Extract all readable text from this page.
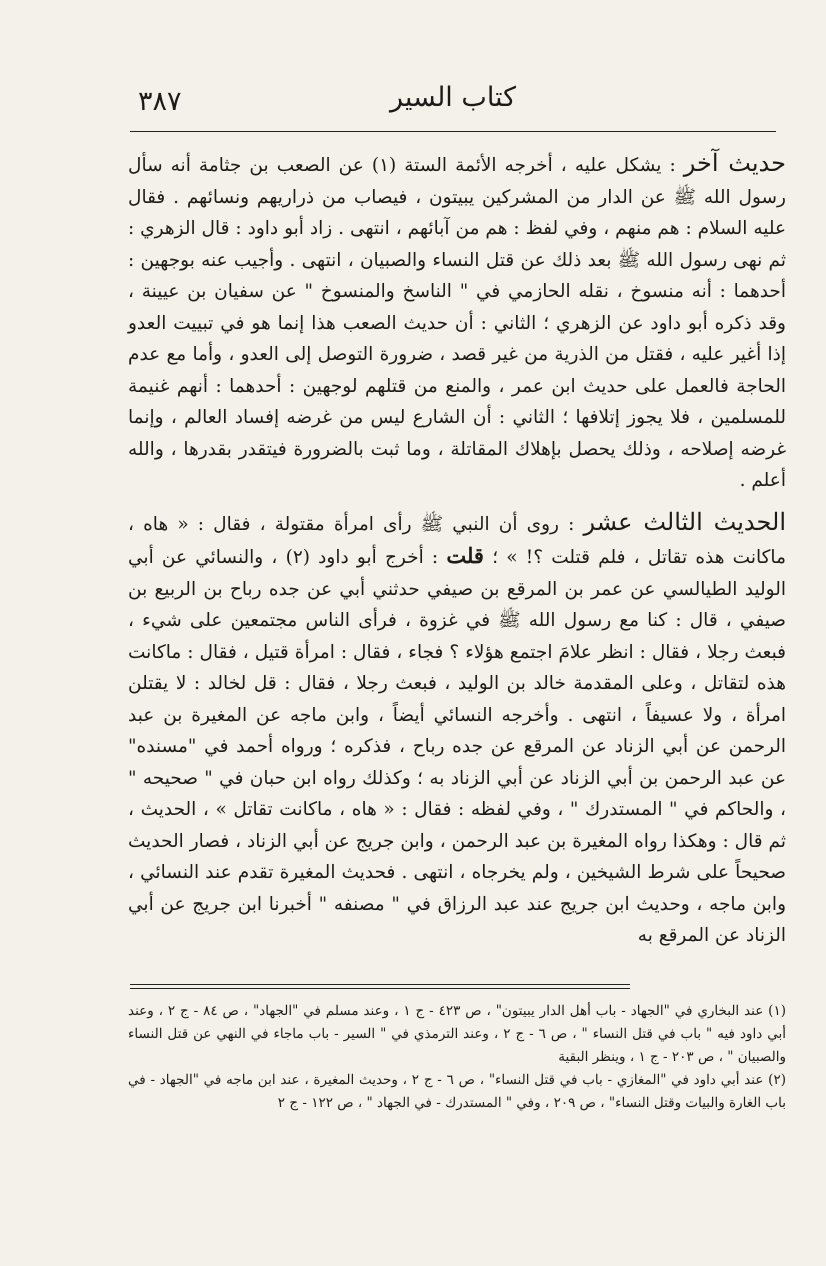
كتاب السير
٣٨٧

حديث آخر : يشكل عليه ، أخرجه الأئمة الستة (١) عن الصعب بن جثامة أنه سأل رسول الله ﷺ عن الدار من المشركين يبيتون ، فيصاب من ذراريهم ونسائهم . فقال عليه السلام : هم منهم ، وفي لفظ : هم من آبائهم ، انتهى . زاد أبو داود : قال الزهري : ثم نهى رسول الله ﷺ بعد ذلك عن قتل النساء والصبيان ، انتهى . وأجيب عنه بوجهين : أحدهما : أنه منسوخ ، نقله الحازمي في " الناسخ والمنسوخ " عن سفيان بن عيينة ، وقد ذكره أبو داود عن الزهري ؛ الثاني : أن حديث الصعب هذا إنما هو في تبييت العدو إذا أغير عليه ، فقتل من الذرية من غير قصد ، ضرورة التوصل إلى العدو ، وأما مع عدم الحاجة فالعمل على حديث ابن عمر ، والمنع من قتلهم لوجهين : أحدهما : أنهم غنيمة للمسلمين ، فلا يجوز إتلافها ؛ الثاني : أن الشارع ليس من غرضه إفساد العالم ، وإنما غرضه إصلاحه ، وذلك يحصل بإهلاك المقاتلة ، وما ثبت بالضرورة فيتقدر بقدرها ، والله أعلم .

الحديث الثالث عشر : روى أن النبي ﷺ رأى امرأة مقتولة ، فقال : « هاه ، ماكانت هذه تقاتل ، فلم قتلت ؟! » ؛ قلت : أخرج أبو داود (٢) ، والنسائي عن أبي الوليد الطيالسي عن عمر بن المرقع بن صيفي حدثني أبي عن جده رباح بن الربيع بن صيفي ، قال : كنا مع رسول الله ﷺ في غزوة ، فرأى الناس مجتمعين على شيء ، فبعث رجلا ، فقال : انظر علامَ اجتمع هؤلاء ؟ فجاء ، فقال : امرأة قتيل ، فقال : ماكانت هذه لتقاتل ، وعلى المقدمة خالد بن الوليد ، فبعث رجلا ، فقال : قل لخالد : لا يقتلن امرأة ، ولا عسيفاً ، انتهى . وأخرجه النسائي أيضاً ، وابن ماجه عن المغيرة بن عبد الرحمن عن أبي الزناد عن المرقع عن جده رباح ، فذكره ؛ ورواه أحمد في "مسنده" عن عبد الرحمن بن أبي الزناد عن أبي الزناد به ؛ وكذلك رواه ابن حبان في " صحيحه " ، والحاكم في " المستدرك " ، وفي لفظه : فقال : « هاه ، ماكانت تقاتل » ، الحديث ، ثم قال : وهكذا رواه المغيرة بن عبد الرحمن ، وابن جريج عن أبي الزناد ، فصار الحديث صحيحاً على شرط الشيخين ، ولم يخرجاه ، انتهى . فحديث المغيرة تقدم عند النسائي ، وابن ماجه ، وحديث ابن جريج عند عبد الرزاق في " مصنفه " أخبرنا ابن جريج عن أبي الزناد عن المرقع به

(١) عند البخاري في "الجهاد - باب أهل الدار يبيتون" ، ص ٤٢٣ - ج ١ ، وعند مسلم في "الجهاد" ، ص ٨٤ - ج ٢ ، وعند أبي داود فيه " باب في قتل النساء " ، ص ٦ - ج ٢ ، وعند الترمذي في " السير - باب ماجاء في النهي عن قتل النساء والصبيان " ، ص ٢٠٣ - ج ١ ، وينظر البقية

(٢) عند أبي داود في "المغازي - باب في قتل النساء" ، ص ٦ - ج ٢ ، وحديث المغيرة ، عند ابن ماجه في "الجهاد - في باب الغارة والبيات وقتل النساء" ، ص ٢٠٩ ، وفي " المستدرك - في الجهاد " ، ص ١٢٢ - ج ٢
